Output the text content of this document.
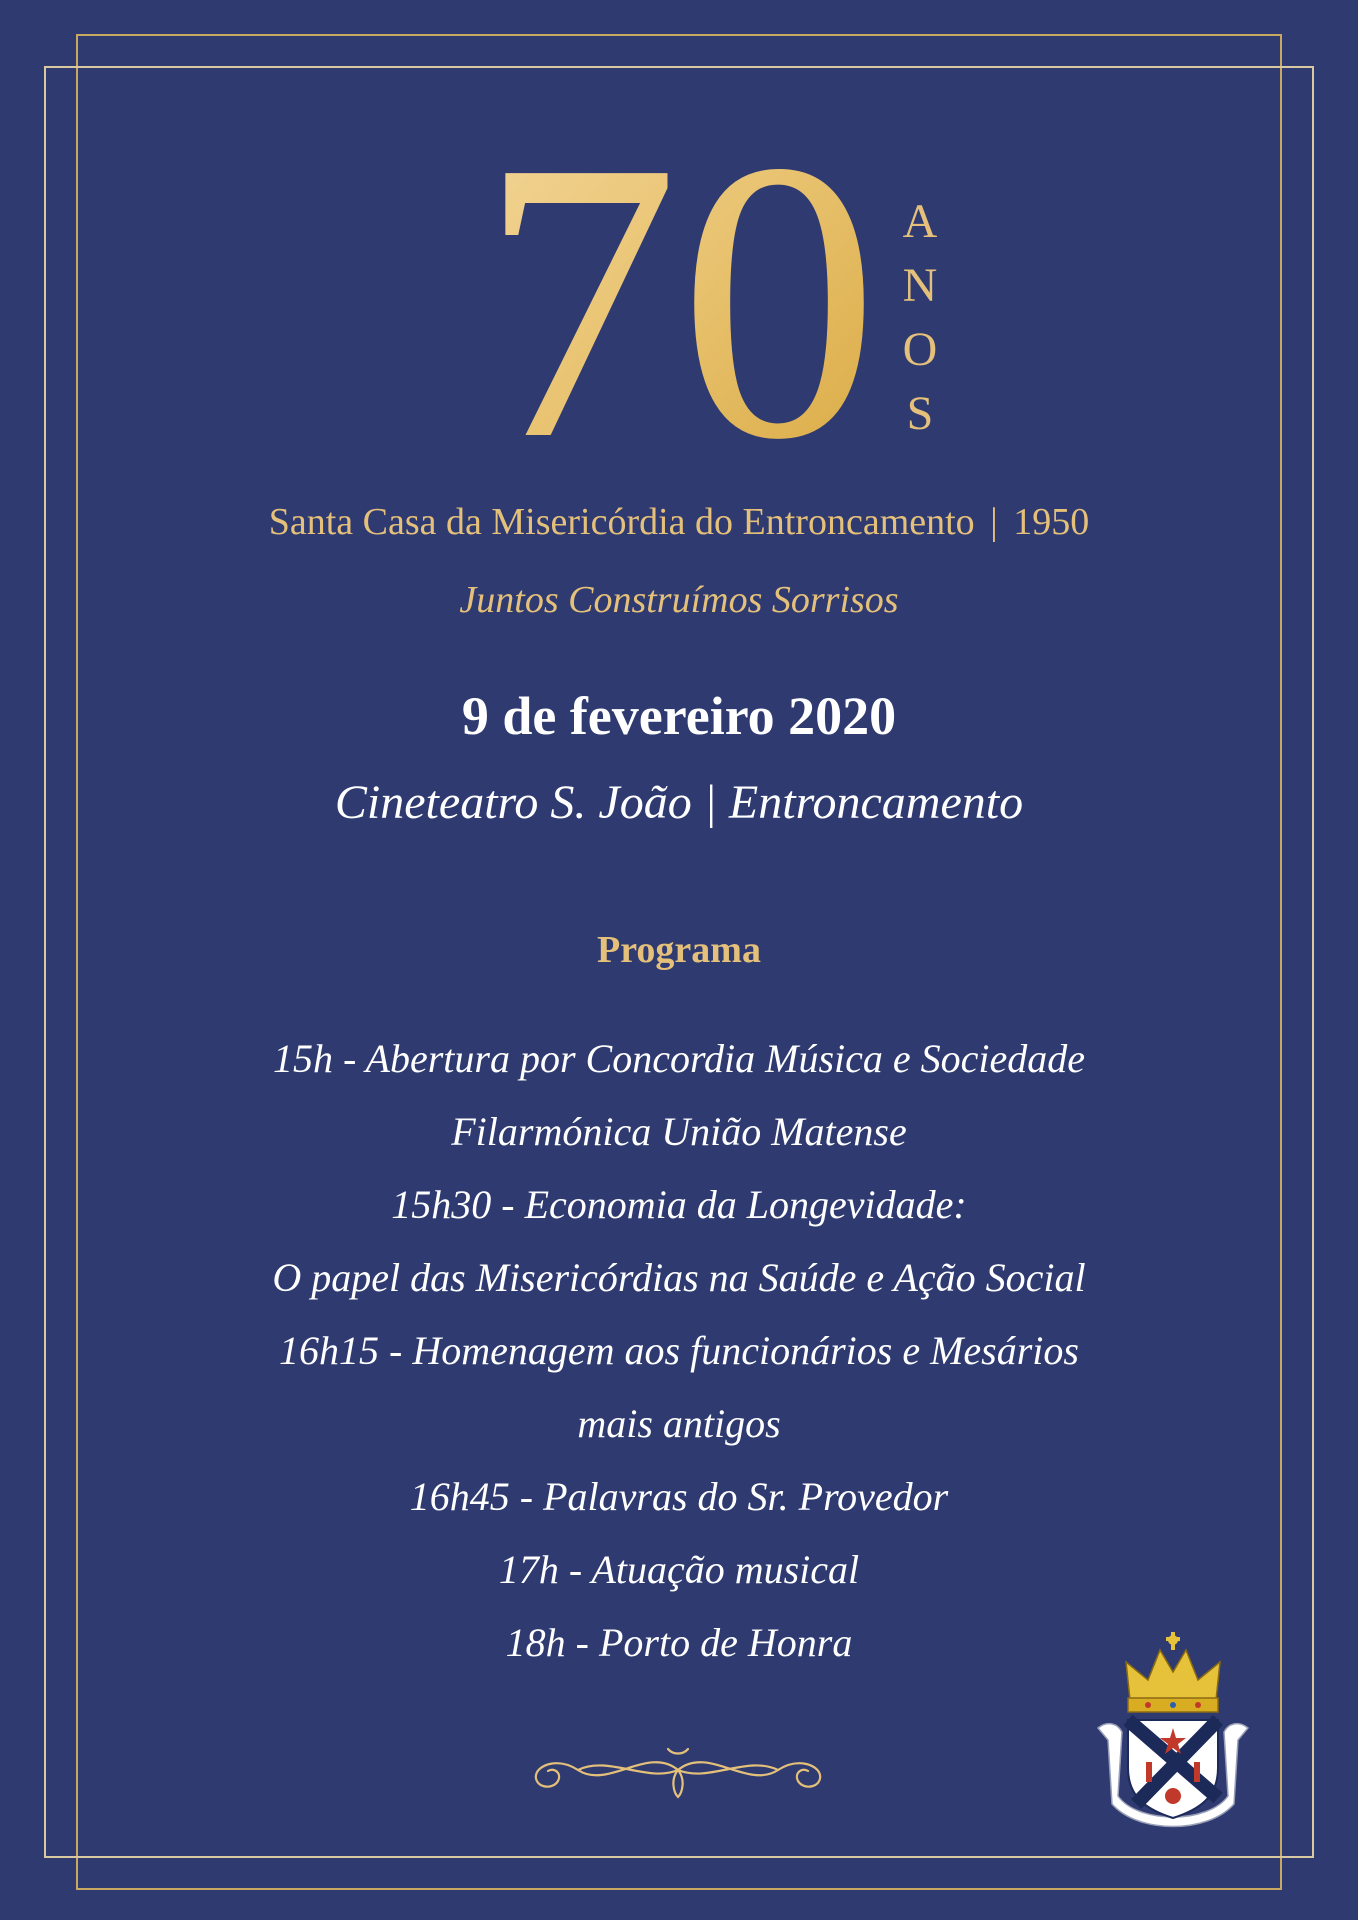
70 A
N
O
S
Santa Casa da Misericórdia do Entroncamento | 1950
Juntos Construímos Sorrisos
9 de fevereiro 2020
Cineteatro S. João | Entroncamento
Programa
15h - Abertura por Concordia Música e Sociedade
Filarmónica União Matense
15h30 - Economia da Longevidade:
O papel das Misericórdias na Saúde e Ação Social
16h15 - Homenagem aos funcionários e Mesários
mais antigos
16h45 - Palavras do Sr. Provedor
17h - Atuação musical
18h - Porto de Honra
